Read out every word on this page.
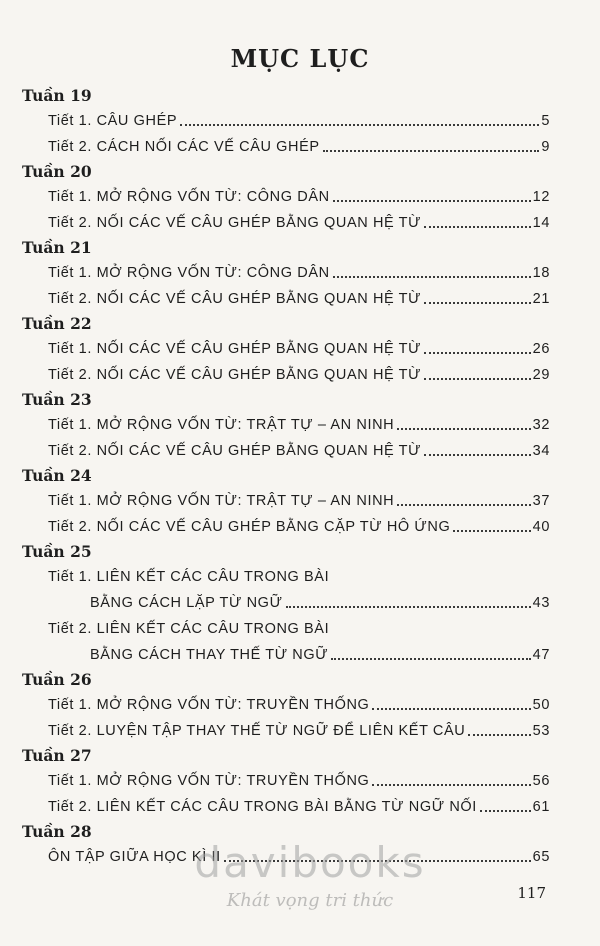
MỤC LỤC
Tuần 19
Tiết 1. CÂU GHÉP	5
Tiết 2. CÁCH NỐI CÁC VẾ CÂU GHÉP	9
Tuần 20
Tiết 1. MỞ RỘNG VỐN TỪ: CÔNG DÂN	12
Tiết 2. NỐI CÁC VẾ CÂU GHÉP BẰNG QUAN HỆ TỪ	14
Tuần 21
Tiết 1. MỞ RỘNG VỐN TỪ: CÔNG DÂN	18
Tiết 2. NỐI CÁC VẾ CÂU GHÉP BẰNG QUAN HỆ TỪ	21
Tuần 22
Tiết 1. NỐI CÁC VẾ CÂU GHÉP BẰNG QUAN HỆ TỪ	26
Tiết 2. NỐI CÁC VẾ CÂU GHÉP BẰNG QUAN HỆ TỪ	29
Tuần 23
Tiết 1. MỞ RỘNG VỐN TỪ: TRẬT TỰ – AN NINH	32
Tiết 2. NỐI CÁC VẾ CÂU GHÉP BẰNG QUAN HỆ TỪ	34
Tuần 24
Tiết 1. MỞ RỘNG VỐN TỪ: TRẬT TỰ – AN NINH	37
Tiết 2. NỐI CÁC VẾ CÂU GHÉP BẰNG CẶP TỪ HÔ ỨNG	40
Tuần 25
Tiết 1. LIÊN KẾT CÁC CÂU TRONG BÀI
BẰNG CÁCH LẶP TỪ NGỮ	43
Tiết 2. LIÊN KẾT CÁC CÂU TRONG BÀI
BẰNG CÁCH THAY THẾ TỪ NGỮ	47
Tuần 26
Tiết 1. MỞ RỘNG VỐN TỪ: TRUYỀN THỐNG	50
Tiết 2. LUYỆN TẬP THAY THẾ TỪ NGỮ ĐỂ LIÊN KẾT CÂU	53
Tuần 27
Tiết 1. MỞ RỘNG VỐN TỪ: TRUYỀN THỐNG	56
Tiết 2. LIÊN KẾT CÁC CÂU TRONG BÀI BẰNG TỪ NGỮ NỐI	61
Tuần 28
ÔN TẬP GIỮA HỌC KÌ II	65
davibooks
Khát vọng tri thức	117
